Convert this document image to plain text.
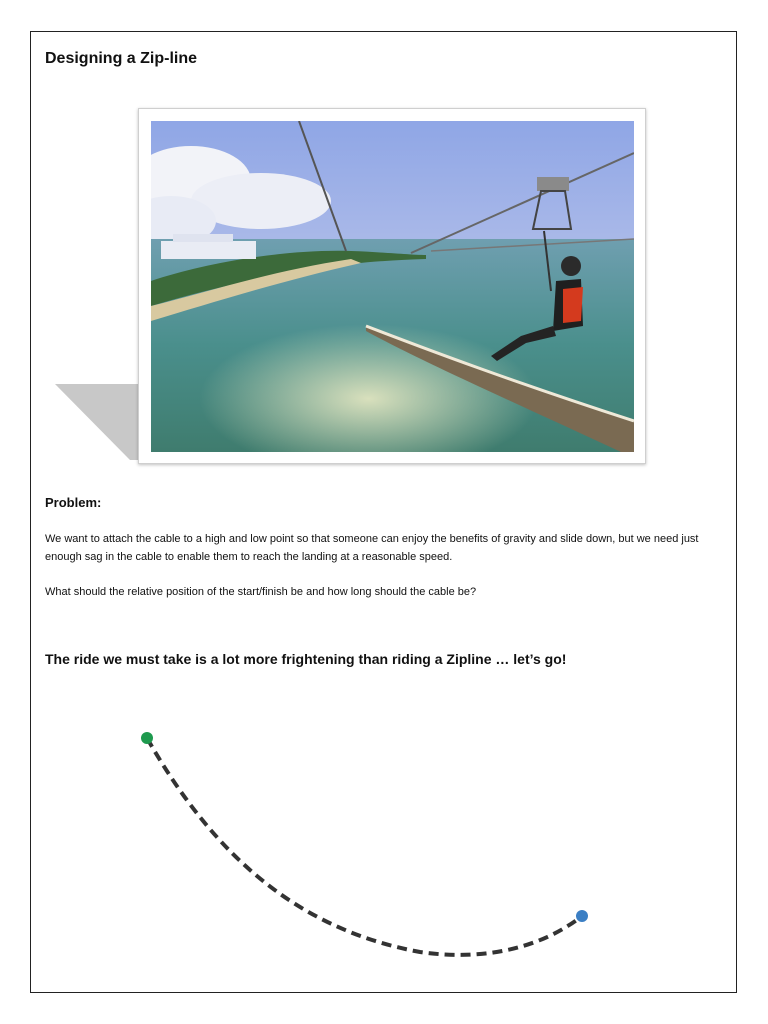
Designing a Zip-line
Problem:
We want to attach the cable to a high and low point so that someone can enjoy the benefits of gravity and slide down, but we need just enough sag in the cable to enable them to reach the landing at a reasonable speed.
What should the relative position of the start/finish be and how long should the cable be?
The ride we must take is a lot more frightening than riding a Zipline … let’s go!
